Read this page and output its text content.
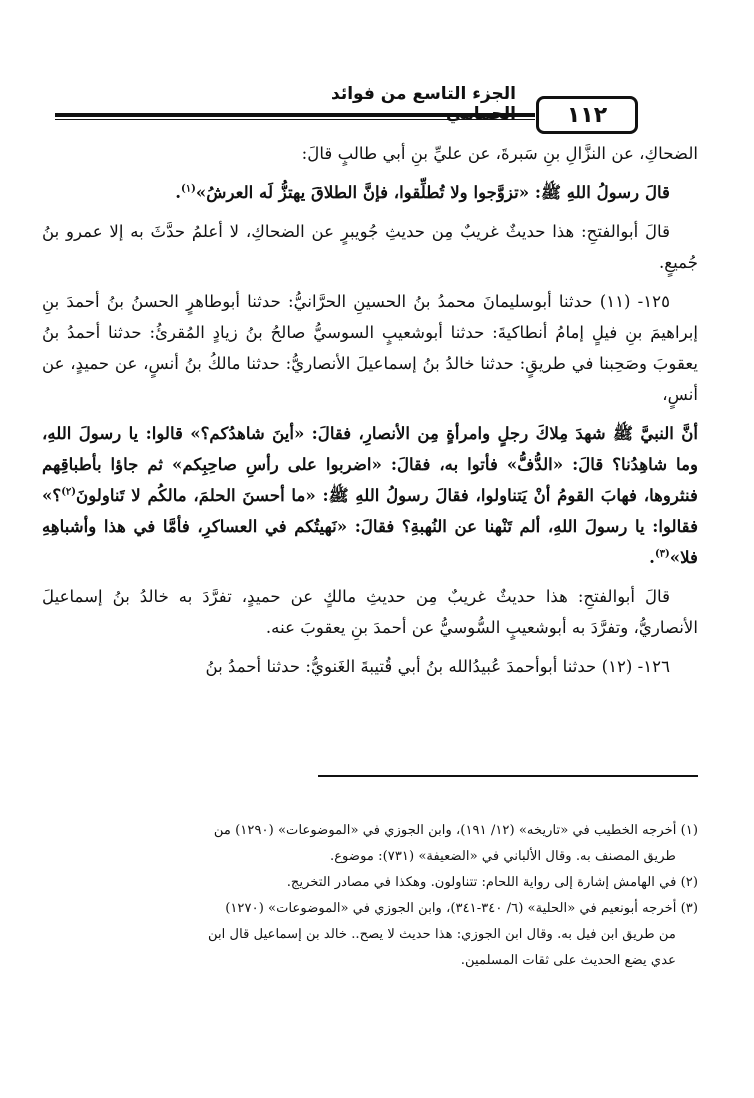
الجزء التاسع من فوائد الحمامي	١١٢

الضحاكِ، عن النزَّالِ بنِ سَبرةَ، عن عليِّ بنِ أبي طالبٍ قالَ:

قالَ رسولُ اللهِ ﷺ: «تزوَّجوا ولا تُطلِّقوا، فإنَّ الطلاقَ يهتزُّ لَه العرشُ»$^{(١)}$.

قالَ أبوالفتحِ: هذا حديثٌ غريبٌ مِن حديثِ جُويبرٍ عن الضحاكِ، لا أعلمُ حدَّثَ به إلا عمرو بنُ جُميعٍ.

١٢٥- (١١) حدثنا أبوسليمانَ محمدُ بنُ الحسينِ الحرَّانيُّ: حدثنا أبوطاهرٍ الحسنُ بنُ أحمدَ بنِ إبراهيمَ بنِ فيلٍ إمامُ أنطاكيةَ: حدثنا أبوشعيبٍ السوسيُّ صالحُ بنُ زيادٍ المُقرئُ: حدثنا أحمدُ بنُ يعقوبَ وصَحِبنا في طريقٍ: حدثنا خالدُ بنُ إسماعيلَ الأنصاريُّ: حدثنا مالكُ بنُ أنسٍ، عن حميدٍ، عن أنسٍ،

أنَّ النبيَّ ﷺ شهدَ مِلاكَ رجلٍ وامرأةٍ مِن الأنصارِ، فقالَ: «أينَ شاهدُكم؟» قالوا: يا رسولَ اللهِ، وما شاهِدُنا؟ قالَ: «الدُّفُّ» فأتوا به، فقالَ: «اضربوا على رأسِ صاحِبِكم» ثم جاؤا بأطباقِهم فنثروها، فهابَ القومُ أنْ يَتناولوا، فقالَ رسولُ اللهِ ﷺ: «ما أحسنَ الحلمَ، مالكُم لا تَناولونَ$^{(٢)}$؟» فقالوا: يا رسولَ اللهِ، ألم تَنْهنا عن النُهبةِ؟ فقالَ: «نَهيتُكم في العساكرِ، فأمَّا في هذا وأشباهِهِ فلا»$^{(٣)}$.

قالَ أبوالفتحِ: هذا حديثٌ غريبٌ مِن حديثِ مالكٍ عن حميدٍ، تفرَّدَ به خالدُ بنُ إسماعيلَ الأنصاريُّ، وتفرَّدَ به أبوشعيبٍ السُّوسيُّ عن أحمدَ بنِ يعقوبَ عنه.

١٢٦- (١٢) حدثنا أبوأحمدَ عُبيدُالله بنُ أبي قُتيبةَ الغَنويُّ: حدثنا أحمدُ بنُ

(١) أخرجه الخطيب في «تاريخه» (١٢/ ١٩١)، وابن الجوزي في «الموضوعات» (١٢٩٠) من

طريق المصنف به. وقال الألباني في «الضعيفة» (٧٣١): موضوع.

(٢) في الهامش إشارة إلى رواية اللحام: تتناولون. وهكذا في مصادر التخريج.

(٣) أخرجه أبونعيم في «الحلية» (٦/ ٣٤٠-٣٤١)، وابن الجوزي في «الموضوعات» (١٢٧٠)

من طريق ابن فيل به. وقال ابن الجوزي: هذا حديث لا يصح.. خالد بن إسماعيل قال ابن

عدي يضع الحديث على ثقات المسلمين.
